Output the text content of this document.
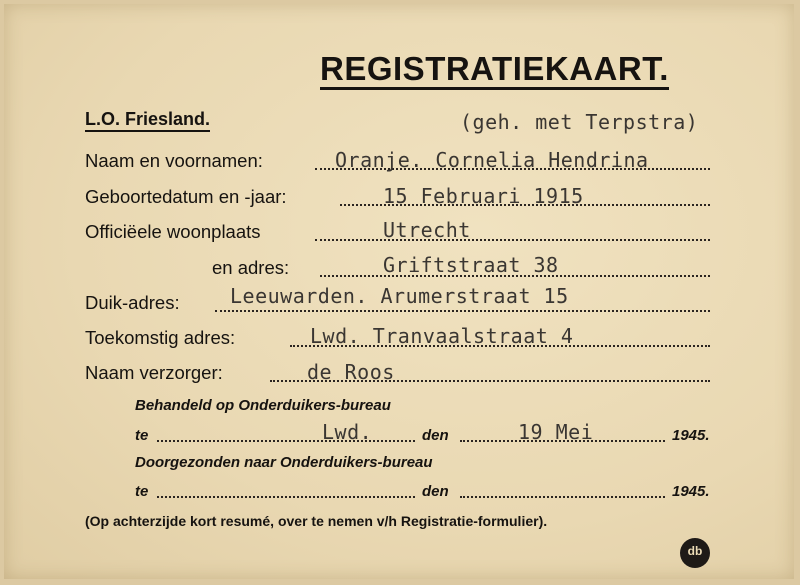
REGISTRATIEKAART.
L.O. Friesland.	(geh. met Terpstra)
Naam en voornamen:	Oranje. Cornelia Hendrina
Geboortedatum en -jaar:	15 Februari 1915
Officiëele woonplaats	Utrecht
en adres:	Griftstraat 38
Duik-adres:	Leeuwarden. Arumerstraat 15
Toekomstig adres:	Lwd. Tranvaalstraat 4
Naam verzorger:	de Roos
Behandeld op Onderduikers-bureau
te	Lwd.	den	19 Mei	1945.
Doorgezonden naar Onderduikers-bureau
te	den	1945.
(Op achterzijde kort resumé, over te nemen v/h Registratie-formulier).
db
